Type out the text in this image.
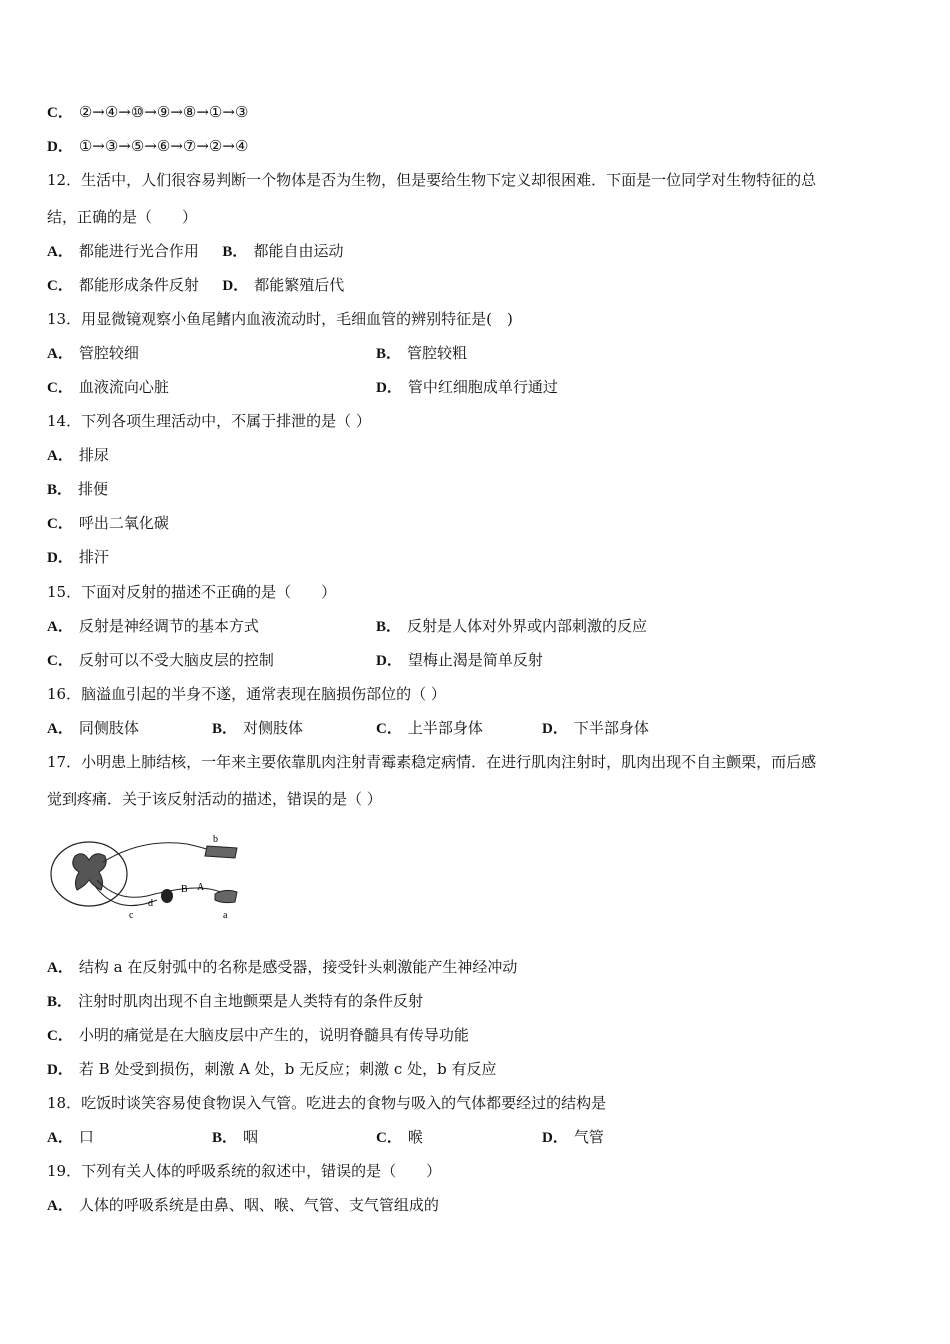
C． ②→④→⑩→⑨→⑧→①→③
D． ①→③→⑤→⑥→⑦→②→④
12．生活中，人们很容易判断一个物体是否为生物，但是要给生物下定义却很困难．下面是一位同学对生物特征的总
结，正确的是（　　）
A． 都能进行光合作用 B． 都能自由运动
C． 都能形成条件反射 D． 都能繁殖后代
13．用显微镜观察小鱼尾鳍内血液流动时，毛细血管的辨别特征是(　)
A． 管腔较细	B． 管腔较粗
C． 血液流向心脏	D． 管中红细胞成单行通过
14．下列各项生理活动中，不属于排泄的是（ ）
A． 排尿
B． 排便
C． 呼出二氧化碳
D． 排汗
15．下面对反射的描述不正确的是（　　）
A． 反射是神经调节的基本方式	B． 反射是人体对外界或内部刺激的反应
C． 反射可以不受大脑皮层的控制	D． 望梅止渴是简单反射
16．脑溢血引起的半身不遂，通常表现在脑损伤部位的（ ）
A． 同侧肢体	B． 对侧肢体	C． 上半部身体	D． 下半部身体
17．小明患上肺结核，一年来主要依靠肌肉注射青霉素稳定病情．在进行肌肉注射时，肌肉出现不自主颤栗，而后感
觉到疼痛．关于该反射活动的描述，错误的是（ ）
b
a
c
d
B A
A． 结构 a 在反射弧中的名称是感受器，接受针头刺激能产生神经冲动
B． 注射时肌肉出现不自主地颤栗是人类特有的条件反射
C． 小明的痛觉是在大脑皮层中产生的，说明脊髓具有传导功能
D． 若 B 处受到损伤，刺激 A 处，b 无反应；刺激 c 处，b 有反应
18．吃饭时谈笑容易使食物误入气管。吃进去的食物与吸入的气体都要经过的结构是
A． 口	B． 咽	C． 喉	D． 气管
19．下列有关人体的呼吸系统的叙述中，错误的是（　　）
A． 人体的呼吸系统是由鼻、咽、喉、气管、支气管组成的
